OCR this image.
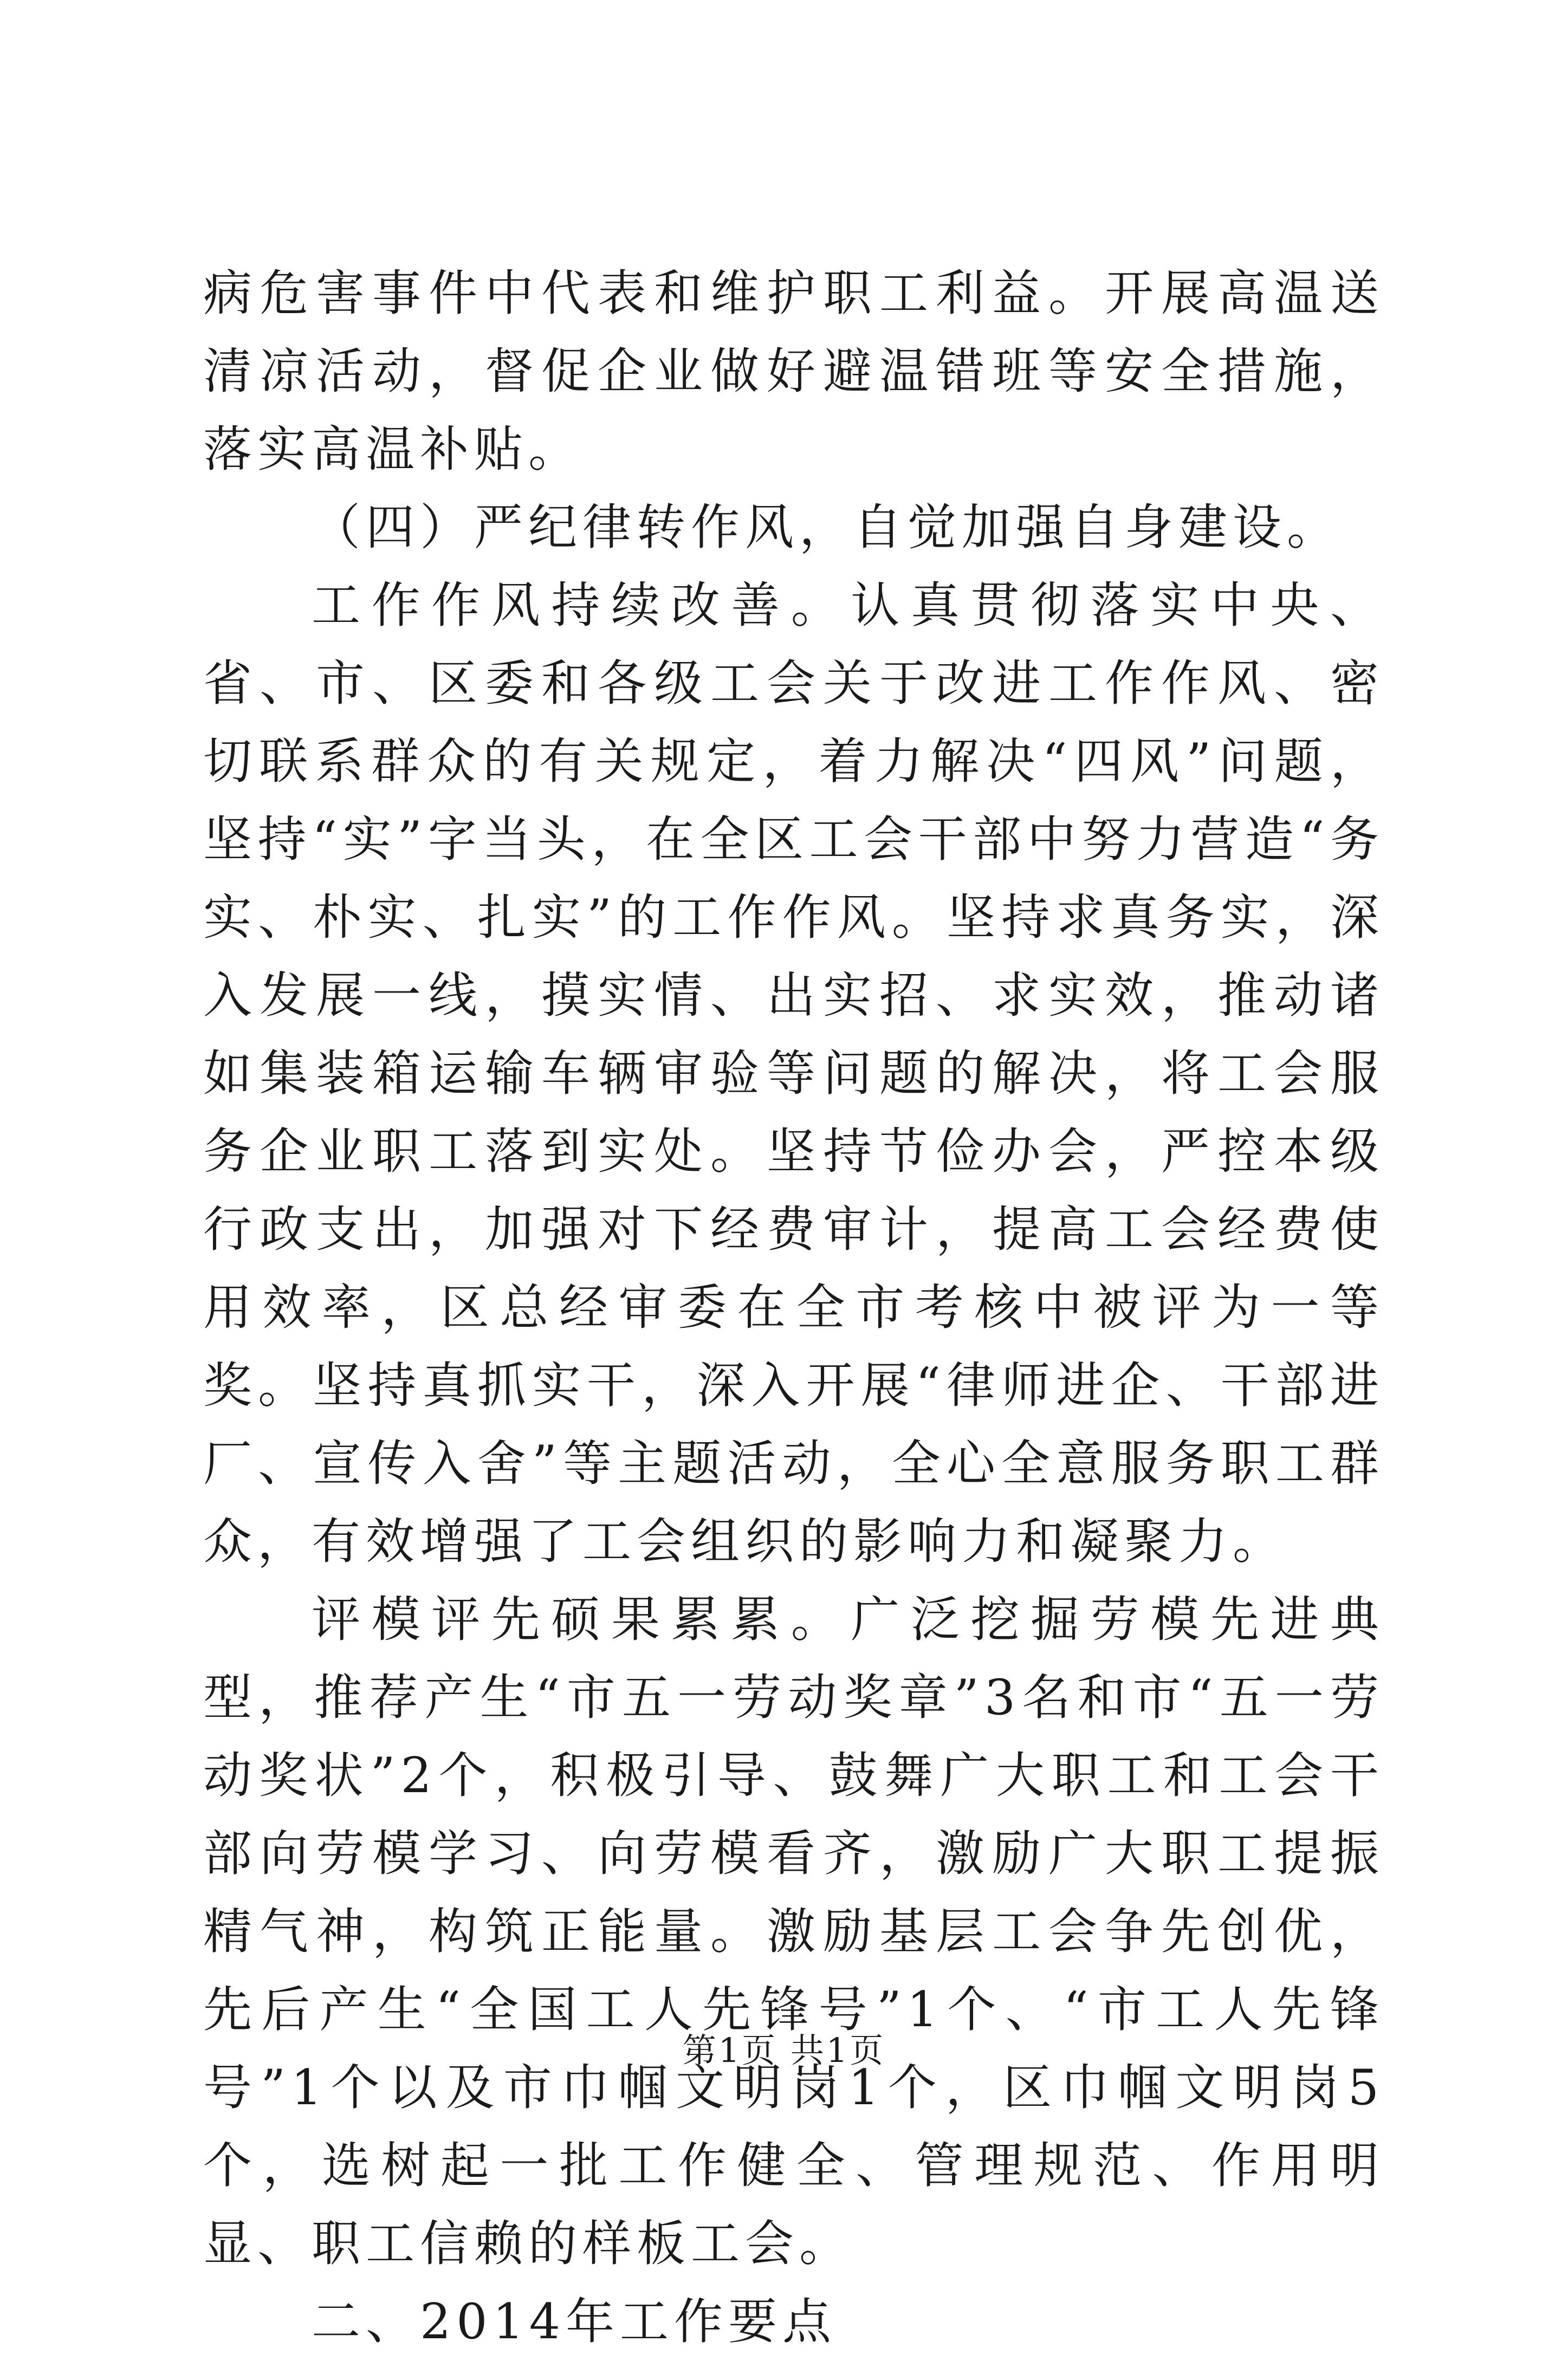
病危害事件中代表和维护职工利益。开展高温送清凉活动，督促企业做好避温错班等安全措施，落实高温补贴。

（四）严纪律转作风，自觉加强自身建设。

工作作风持续改善。认真贯彻落实中央、省、市、区委和各级工会关于改进工作作风、密切联系群众的有关规定，着力解决“四风”问题，坚持“实”字当头，在全区工会干部中努力营造“务实、朴实、扎实”的工作作风。坚持求真务实，深入发展一线，摸实情、出实招、求实效，推动诸如集装箱运输车辆审验等问题的解决，将工会服务企业职工落到实处。坚持节俭办会，严控本级行政支出，加强对下经费审计，提高工会经费使用效率，区总经审委在全市考核中被评为一等奖。坚持真抓实干，深入开展“律师进企、干部进厂、宣传入舍”等主题活动，全心全意服务职工群众，有效增强了工会组织的影响力和凝聚力。

评模评先硕果累累。广泛挖掘劳模先进典型，推荐产生“市五一劳动奖章”3名和市“五一劳动奖状”2个，积极引导、鼓舞广大职工和工会干部向劳模学习、向劳模看齐，激励广大职工提振精气神，构筑正能量。激励基层工会争先创优，先后产生“全国工人先锋号”1个、“市工人先锋号”1个以及市巾帼文明岗1个，区巾帼文明岗5个，选树起一批工作健全、管理规范、作用明显、职工信赖的样板工会。

二、2014年工作要点

第1页 共1页
